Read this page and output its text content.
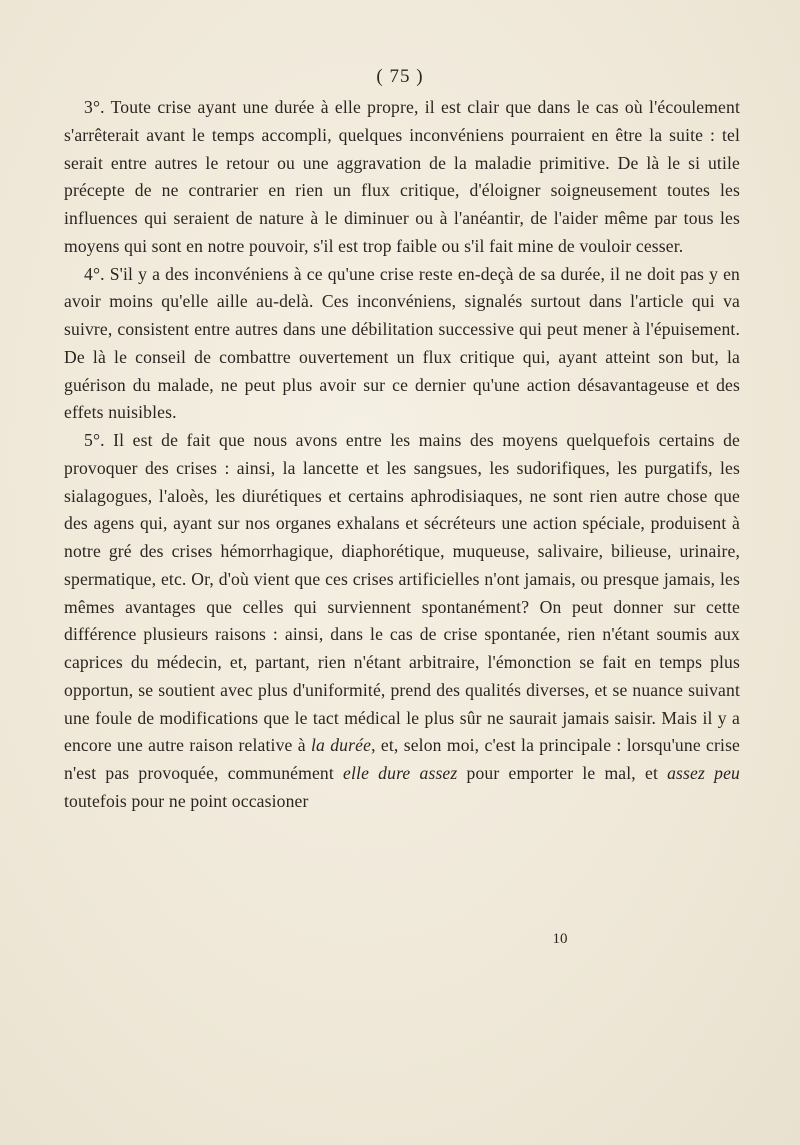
( 75 )

3°. Toute crise ayant une durée à elle propre, il est clair que dans le cas où l'écoulement s'arrêterait avant le temps accompli, quelques inconvéniens pourraient en être la suite : tel serait entre autres le retour ou une aggravation de la maladie primitive. De là le si utile précepte de ne contrarier en rien un flux critique, d'éloigner soigneusement toutes les influences qui seraient de nature à le diminuer ou à l'anéantir, de l'aider même par tous les moyens qui sont en notre pouvoir, s'il est trop faible ou s'il fait mine de vouloir cesser.

4°. S'il y a des inconvéniens à ce qu'une crise reste en-deçà de sa durée, il ne doit pas y en avoir moins qu'elle aille au-delà. Ces inconvéniens, signalés surtout dans l'article qui va suivre, consistent entre autres dans une débilitation successive qui peut mener à l'épuisement. De là le conseil de combattre ouvertement un flux critique qui, ayant atteint son but, la guérison du malade, ne peut plus avoir sur ce dernier qu'une action désavantageuse et des effets nuisibles.

5°. Il est de fait que nous avons entre les mains des moyens quelquefois certains de provoquer des crises : ainsi, la lancette et les sangsues, les sudorifiques, les purgatifs, les sialagogues, l'aloès, les diurétiques et certains aphrodisiaques, ne sont rien autre chose que des agens qui, ayant sur nos organes exhalans et sécréteurs une action spéciale, produisent à notre gré des crises hémorrhagique, diaphorétique, muqueuse, salivaire, bilieuse, urinaire, spermatique, etc. Or, d'où vient que ces crises artificielles n'ont jamais, ou presque jamais, les mêmes avantages que celles qui surviennent spontanément? On peut donner sur cette différence plusieurs raisons : ainsi, dans le cas de crise spontanée, rien n'étant soumis aux caprices du médecin, et, partant, rien n'étant arbitraire, l'émonction se fait en temps plus opportun, se soutient avec plus d'uniformité, prend des qualités diverses, et se nuance suivant une foule de modifications que le tact médical le plus sûr ne saurait jamais saisir. Mais il y a encore une autre raison relative à la durée, et, selon moi, c'est la principale : lorsqu'une crise n'est pas provoquée, communément elle dure assez pour emporter le mal, et assez peu toutefois pour ne point occasioner

10
